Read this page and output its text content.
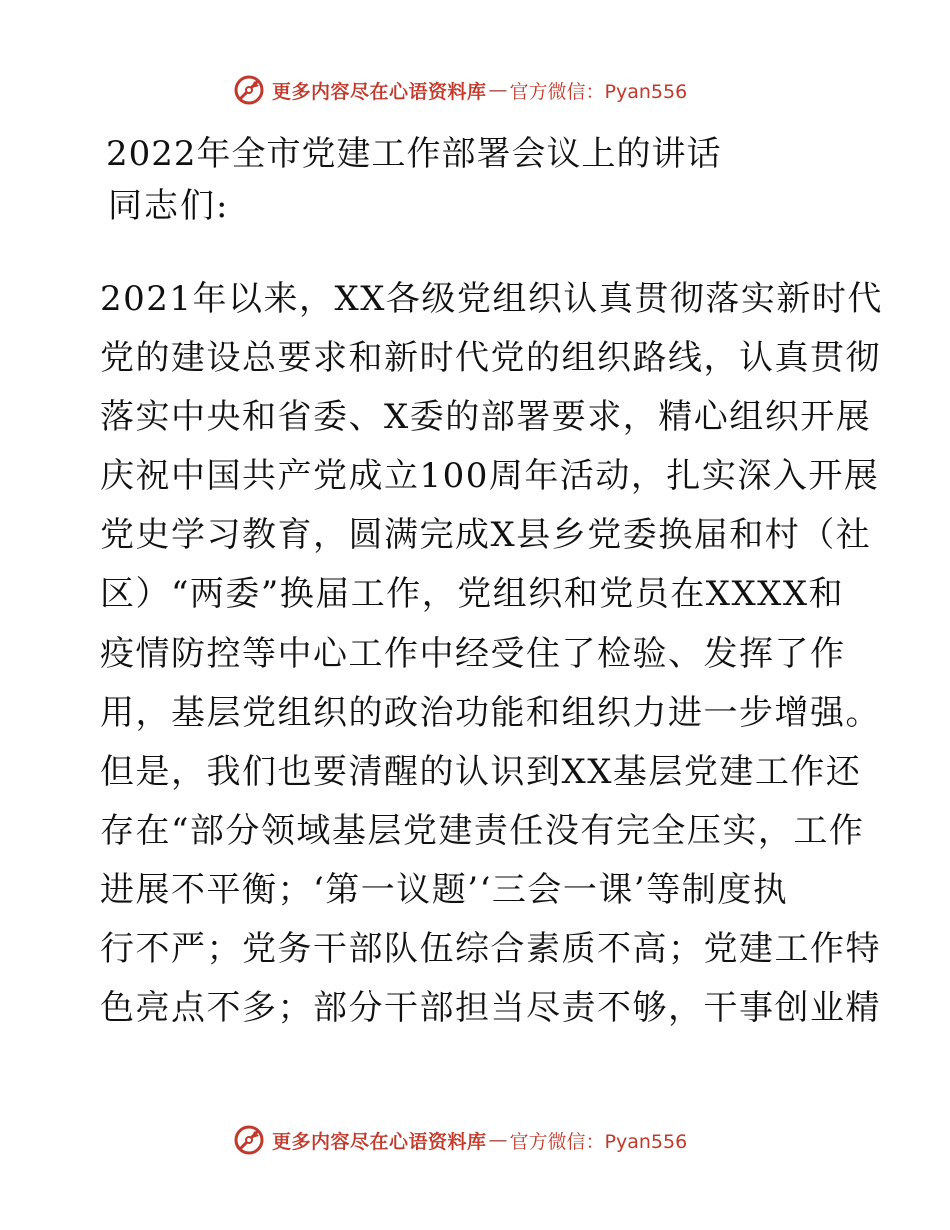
更多内容尽在心语资料库 — 官方微信：Pyan556
2022年全市党建工作部署会议上的讲话
同志们:
2021年以来，XX各级党组织认真贯彻落实新时代
党的建设总要求和新时代党的组织路线，认真贯彻
落实中央和省委、X委的部署要求，精心组织开展
庆祝中国共产党成立100周年活动，扎实深入开展
党史学习教育，圆满完成X县乡党委换届和村（社
区）“两委”换届工作，党组织和党员在XXXX和
疫情防控等中心工作中经受住了检验、发挥了作
用，基层党组织的政治功能和组织力进一步增强。
但是，我们也要清醒的认识到XX基层党建工作还
存在“部分领域基层党建责任没有完全压实，工作
进展不平衡；‘第一议题’‘三会一课’等制度执
行不严；党务干部队伍综合素质不高；党建工作特
色亮点不多；部分干部担当尽责不够，干事创业精
更多内容尽在心语资料库 — 官方微信：Pyan556
